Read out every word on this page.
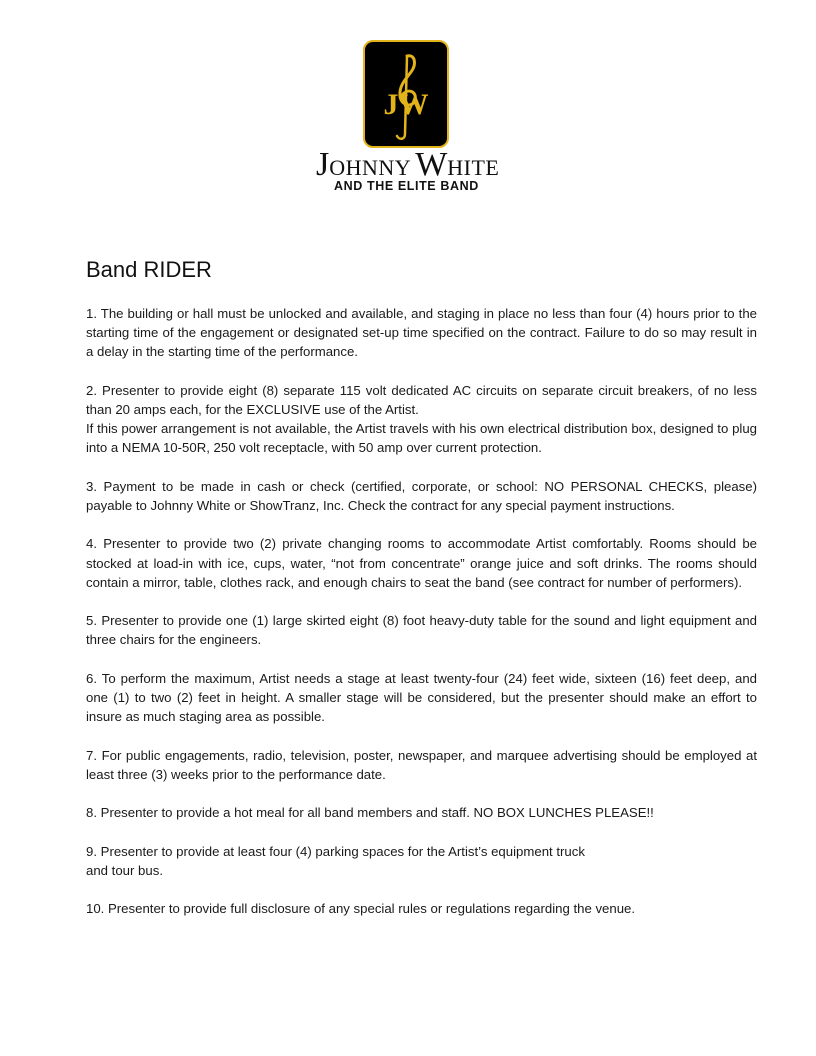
JW
JOHNNY WHITE
AND THE ELITE BAND
Band RIDER

1. The building or hall must be unlocked and available, and staging in place no less than four (4) hours prior to the starting time of the engagement or designated set-up time specified on the contract. Failure to do so may result in a delay in the starting time of the performance.

2. Presenter to provide eight (8) separate 115 volt dedicated AC circuits on separate circuit breakers, of no less than 20 amps each, for the EXCLUSIVE use of the Artist.

If this power arrangement is not available, the Artist travels with his own electrical distribution box, designed to plug into a NEMA 10-50R, 250 volt receptacle, with 50 amp over current protection.

3. Payment to be made in cash or check (certified, corporate, or school: NO PERSONAL CHECKS, please) payable to Johnny White or ShowTranz, Inc. Check the contract for any special payment instructions.

4. Presenter to provide two (2) private changing rooms to accommodate Artist comfortably. Rooms should be stocked at load-in with ice, cups, water, “not from concentrate” orange juice and soft drinks. The rooms should contain a mirror, table, clothes rack, and enough chairs to seat the band (see contract for number of performers).

5. Presenter to provide one (1) large skirted eight (8) foot heavy-duty table for the sound and light equipment and three chairs for the engineers.

6. To perform the maximum, Artist needs a stage at least twenty-four (24) feet wide, sixteen (16) feet deep, and one (1) to two (2) feet in height. A smaller stage will be considered, but the presenter should make an effort to insure as much staging area as possible.

7. For public engagements, radio, television, poster, newspaper, and marquee advertising should be employed at least three (3) weeks prior to the performance date.

8. Presenter to provide a hot meal for all band members and staff. NO BOX LUNCHES PLEASE!!

9. Presenter to provide at least four (4) parking spaces for the Artist’s equipment truck

and tour bus.

10. Presenter to provide full disclosure of any special rules or regulations regarding the venue.
